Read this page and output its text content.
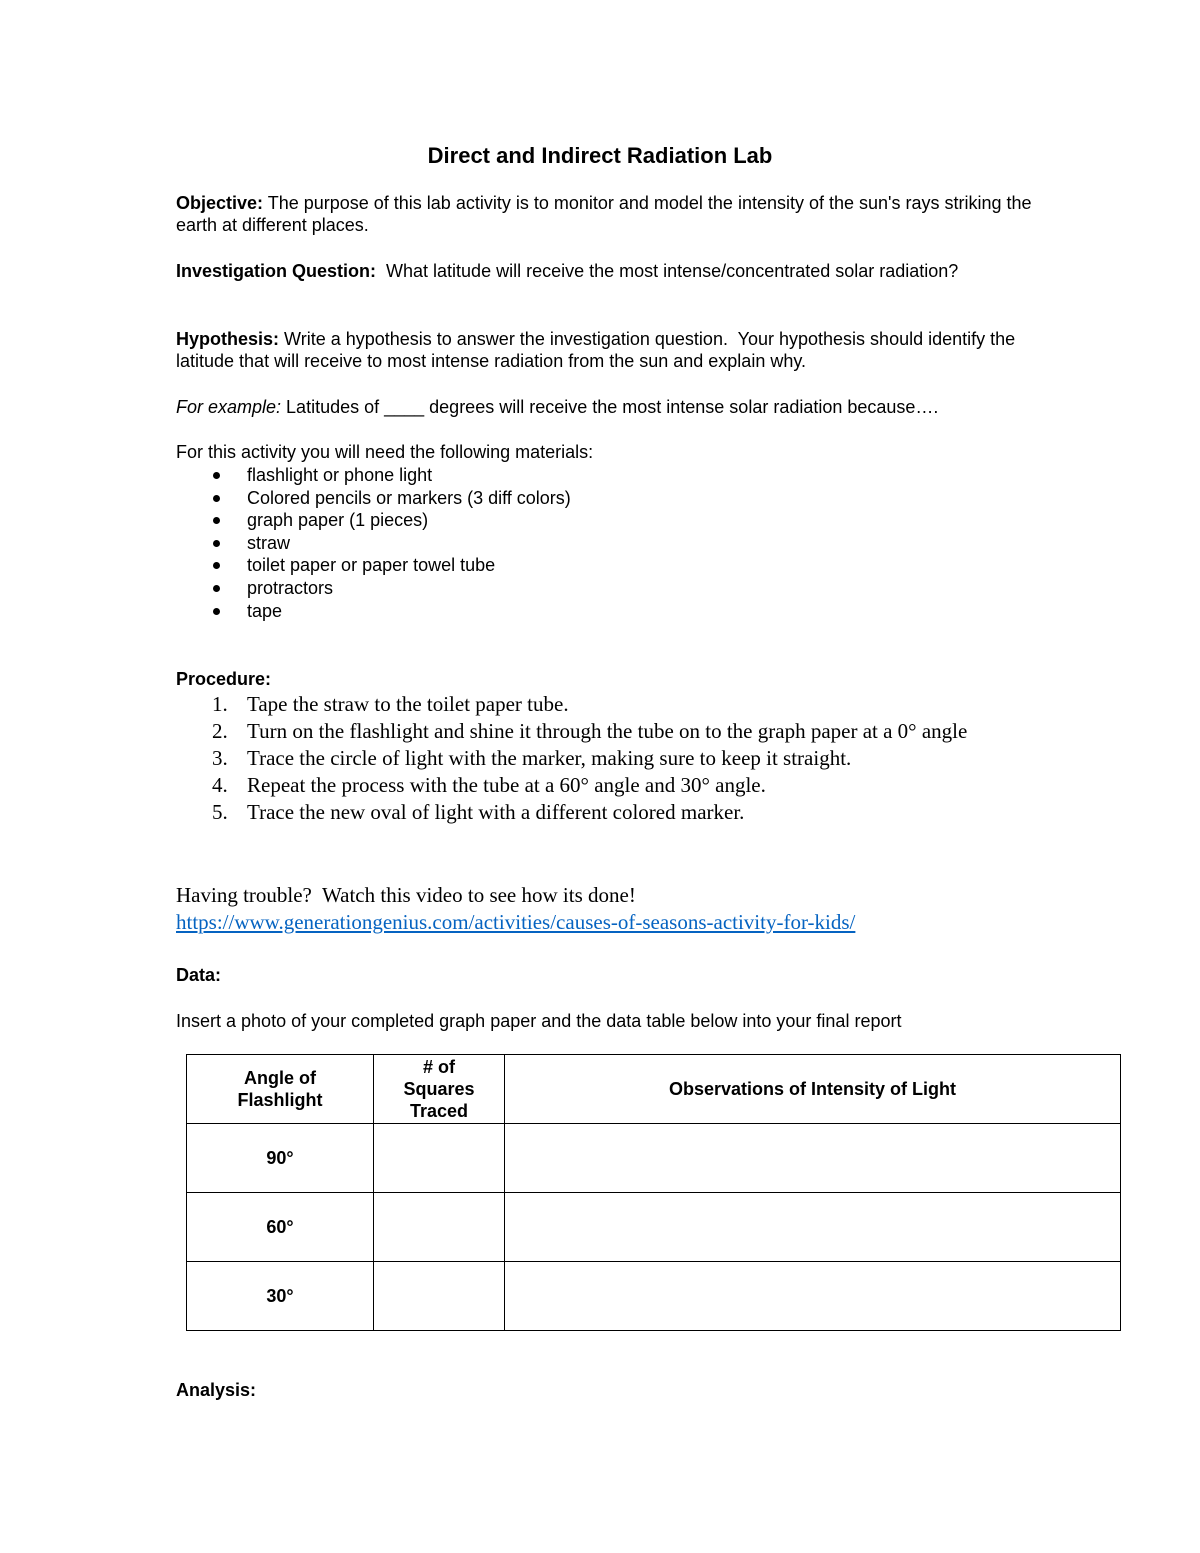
Direct and Indirect Radiation Lab
Objective: The purpose of this lab activity is to monitor and model the intensity of the sun's rays striking the earth at different places.
Investigation Question:  What latitude will receive the most intense/concentrated solar radiation?
Hypothesis: Write a hypothesis to answer the investigation question.  Your hypothesis should identify the latitude that will receive to most intense radiation from the sun and explain why.
For example: Latitudes of ____ degrees will receive the most intense solar radiation because….
For this activity you will need the following materials:
flashlight or phone light
Colored pencils or markers (3 diff colors)
graph paper (1 pieces)
straw
toilet paper or paper towel tube
protractors
tape
Procedure:
1. Tape the straw to the toilet paper tube.
2. Turn on the flashlight and shine it through the tube on to the graph paper at a 0° angle
3. Trace the circle of light with the marker, making sure to keep it straight.
4. Repeat the process with the tube at a 60° angle and 30° angle.
5. Trace the new oval of light with a different colored marker.
Having trouble?  Watch this video to see how its done!
https://www.generationgenius.com/activities/causes-of-seasons-activity-for-kids/
Data:
Insert a photo of your completed graph paper and the data table below into your final report
Angle of Flashlight	# of Squares Traced	Observations of Intensity of Light
90°		
60°		
30°		
Analysis:
